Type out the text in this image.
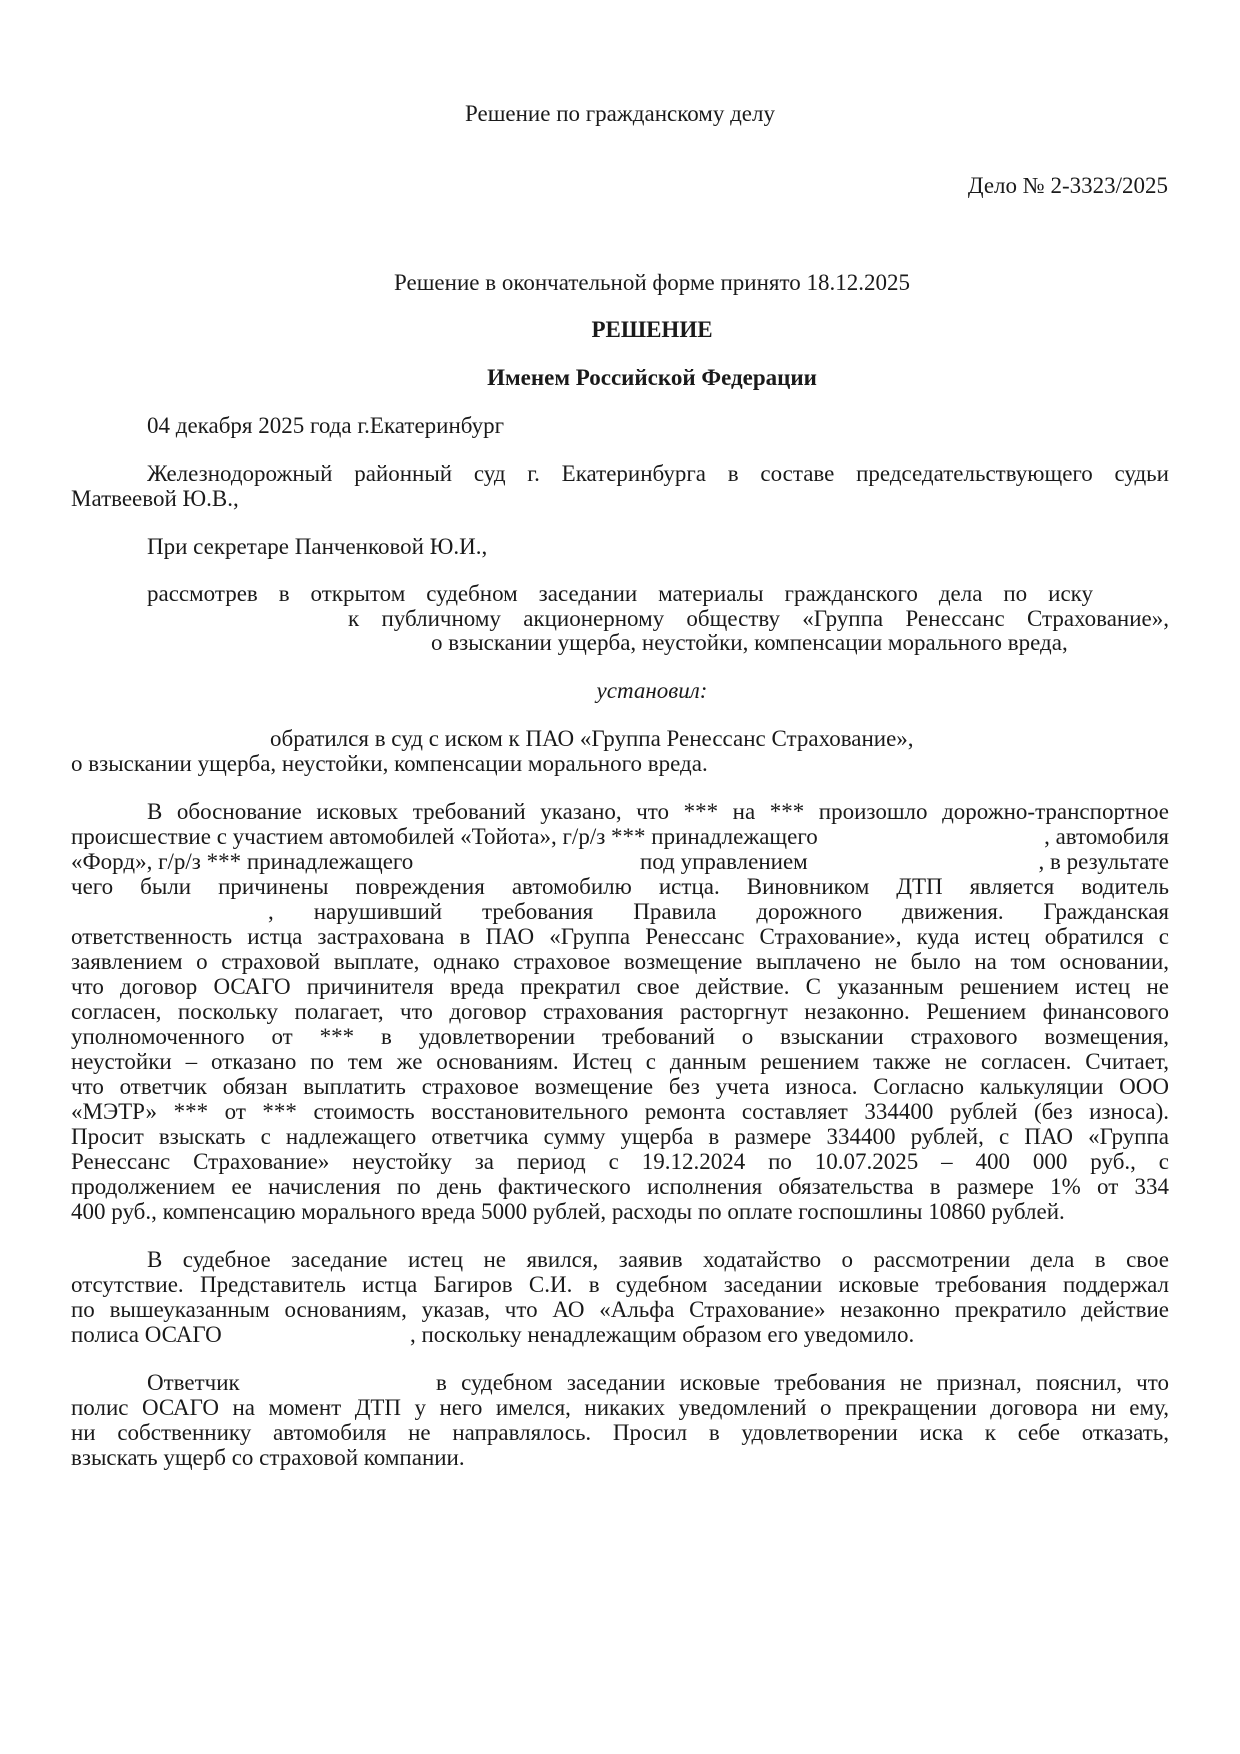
Решение по гражданскому делу
Дело № 2-3323/2025
Решение в окончательной форме принято 18.12.2025
РЕШЕНИЕ
Именем Российской Федерации
04 декабря 2025 года г.Екатеринбург
Железнодорожный районный суд г. Екатеринбурга в составе председательствующего судьи
Матвеевой Ю.В.,
При секретаре Панченковой Ю.И.,
рассмотрев в открытом судебном заседании материалы гражданского дела по иску
к публичному акционерному обществу «Группа Ренессанс Страхование»,
о взыскании ущерба, неустойки, компенсации морального вреда,
установил:
обратился в суд с иском к ПАО «Группа Ренессанс Страхование»,
о взыскании ущерба, неустойки, компенсации морального вреда.
В обоснование исковых требований указано, что *** на *** произошло дорожно-транспортное
происшествие с участием автомобилей «Тойота», г/р/з *** принадлежащего	, автомобиля
«Форд», г/р/з *** принадлежащего	под управлением	, в результате
чего были причинены повреждения автомобилю истца. Виновником ДТП является водитель
, нарушивший требования Правила дорожного движения. Гражданская
ответственность истца застрахована в ПАО «Группа Ренессанс Страхование», куда истец обратился с
заявлением о страховой выплате, однако страховое возмещение выплачено не было на том основании,
что договор ОСАГО причинителя вреда прекратил свое действие. С указанным решением истец не
согласен, поскольку полагает, что договор страхования расторгнут незаконно. Решением финансового
уполномоченного от *** в удовлетворении требований о взыскании страхового возмещения,
неустойки – отказано по тем же основаниям. Истец с данным решением также не согласен. Считает,
что ответчик обязан выплатить страховое возмещение без учета износа. Согласно калькуляции ООО
«МЭТР» *** от *** стоимость восстановительного ремонта составляет 334400 рублей (без износа).
Просит взыскать с надлежащего ответчика сумму ущерба в размере 334400 рублей, с ПАО «Группа
Ренессанс Страхование» неустойку за период с 19.12.2024 по 10.07.2025 – 400 000 руб., с
продолжением ее начисления по день фактического исполнения обязательства в размере 1% от 334
400 руб., компенсацию морального вреда 5000 рублей, расходы по оплате госпошлины 10860 рублей.
В судебное заседание истец не явился, заявив ходатайство о рассмотрении дела в свое
отсутствие. Представитель истца Багиров С.И. в судебном заседании исковые требования поддержал
по вышеуказанным основаниям, указав, что АО «Альфа Страхование» незаконно прекратило действие
полиса ОСАГО	, поскольку ненадлежащим образом его уведомило.
Ответчик	в судебном заседании исковые требования не признал, пояснил, что
полис ОСАГО на момент ДТП у него имелся, никаких уведомлений о прекращении договора ни ему,
ни собственнику автомобиля не направлялось. Просил в удовлетворении иска к себе отказать,
взыскать ущерб со страховой компании.
